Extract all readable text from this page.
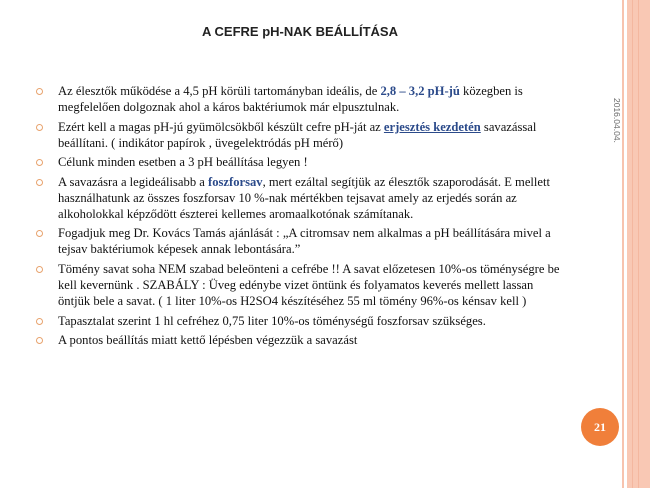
A CEFRE pH-NAK BEÁLLÍTÁSA
Az élesztők működése a 4,5 pH körüli tartományban ideális, de 2,8 – 3,2 pH-jú közegben is megfelelően dolgoznak ahol a káros baktériumok már elpusztulnak.
Ezért kell a magas pH-jú gyümölcsökből készült cefre pH-ját az erjesztés kezdetén savazással beállítani. ( indikátor papírok , üvegelektródás pH mérő)
Célunk minden esetben a 3 pH beállítása legyen !
A savazásra a legideálisabb a foszforsav, mert ezáltal segítjük az élesztők szaporodását. E mellett használhatunk az összes foszforsav 10 %-nak mértékben tejsavat amely az erjedés során az alkoholokkal képződött észterei kellemes aromaalkotónak számítanak.
Fogadjuk meg Dr. Kovács Tamás ajánlását : „A citromsav nem alkalmas a pH beállítására mivel a tejsav baktériumok képesek annak lebontására.”
Tömény savat soha NEM szabad beleönteni a cefrébe !! A savat előzetesen 10%-os töménységre be kell kevernünk . SZABÁLY : Üveg edénybe vizet öntünk és folyamatos keverés mellett lassan öntjük bele a savat. ( 1 liter 10%-os H2SO4 készítéséhez 55 ml tömény 96%-os kénsav kell )
Tapasztalat szerint 1 hl cefréhez 0,75 liter 10%-os töménységű foszforsav szükséges.
A pontos beállítás miatt kettő lépésben végezzük a savazást
2016.04.04.
21
